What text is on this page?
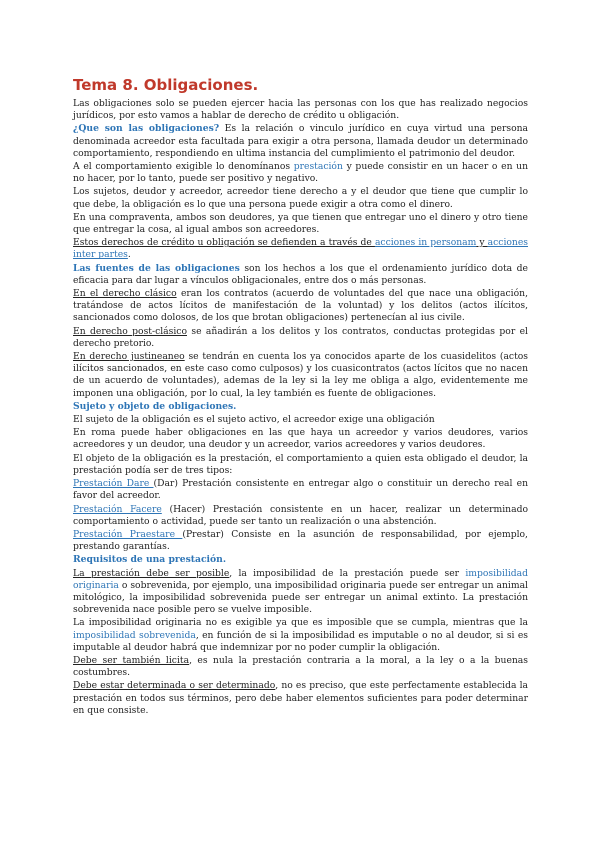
Tema 8. Obligaciones.

Las obligaciones solo se pueden ejercer hacia las personas con los que has realizado negocios jurídicos, por esto vamos a hablar de derecho de crédito u obligación.

¿Que son las obligaciones? Es la relación o vinculo jurídico en cuya virtud una persona denominada acreedor esta facultada para exigir a otra persona, llamada deudor un determinado comportamiento, respondiendo en ultima instancia del cumplimiento el patrimonio del deudor.

A el comportamiento exigible lo denomínanos prestación y puede consistir en un hacer o en un no hacer, por lo tanto, puede ser positivo y negativo.

Los sujetos, deudor y acreedor, acreedor tiene derecho a y el deudor que tiene que cumplir lo que debe, la obligación es lo que una persona puede exigir a otra como el dinero.

En una compraventa, ambos son deudores, ya que tienen que entregar uno el dinero y otro tiene que entregar la cosa, al igual ambos son acreedores.

Estos derechos de crédito u obligación se defienden a través de acciones in personam y acciones inter partes.

Las fuentes de las obligaciones son los hechos a los que el ordenamiento jurídico dota de eficacia para dar lugar a vínculos obligacionales, entre dos o más personas.

En el derecho clásico eran los contratos (acuerdo de voluntades del que nace una obligación, tratándose de actos lícitos de manifestación de la voluntad) y los delitos (actos ilícitos, sancionados como dolosos, de los que brotan obligaciones) pertenecían al ius civile.

En derecho post-clásico se añadirán a los delitos y los contratos, conductas protegidas por el derecho pretorio.

En derecho justineaneo se tendrán en cuenta los ya conocidos aparte de los cuasidelitos (actos ilícitos sancionados, en este caso como culposos) y los cuasicontratos (actos lícitos que no nacen de un acuerdo de voluntades), ademas de la ley si la ley me obliga a algo, evidentemente me imponen una obligación, por lo cual, la ley también es fuente de obligaciones.

Sujeto y objeto de obligaciones.

El sujeto de la obligación es el sujeto activo, el acreedor exige una obligación

En roma puede haber obligaciones en las que haya un acreedor y varios deudores, varios acreedores y un deudor, una deudor y un acreedor, varios acreedores y varios deudores.

El objeto de la obligación es la prestación, el comportamiento a quien esta obligado el deudor, la prestación podía ser de tres tipos:

Prestación Dare (Dar) Prestación consistente en entregar algo o constituir un derecho real en favor del acreedor.

Prestación Facere (Hacer) Prestación consistente en un hacer, realizar un determinado comportamiento o actividad, puede ser tanto un realización o una abstención.

Prestación Praestare (Prestar) Consiste en la asunción de responsabilidad, por ejemplo, prestando garantías.

Requisitos de una prestación.

La prestación debe ser posible, la imposibilidad de la prestación puede ser imposibilidad originaria o sobrevenida, por ejemplo, una imposibilidad originaria puede ser entregar un animal mitológico, la imposibilidad sobrevenida puede ser entregar un animal extinto. La prestación sobrevenida nace posible pero se vuelve imposible.

La imposibilidad originaria no es exigible ya que es imposible que se cumpla, mientras que la imposibilidad sobrevenida, en función de si la imposibilidad es imputable o no al deudor, si si es imputable al deudor habrá que indemnizar por no poder cumplir la obligación.

Debe ser también licita, es nula la prestación contraria a la moral, a la ley o a la buenas costumbres.

Debe estar determinada o ser determinado, no es preciso, que este perfectamente establecida la prestación en todos sus términos, pero debe haber elementos suficientes para poder determinar en que consiste.
